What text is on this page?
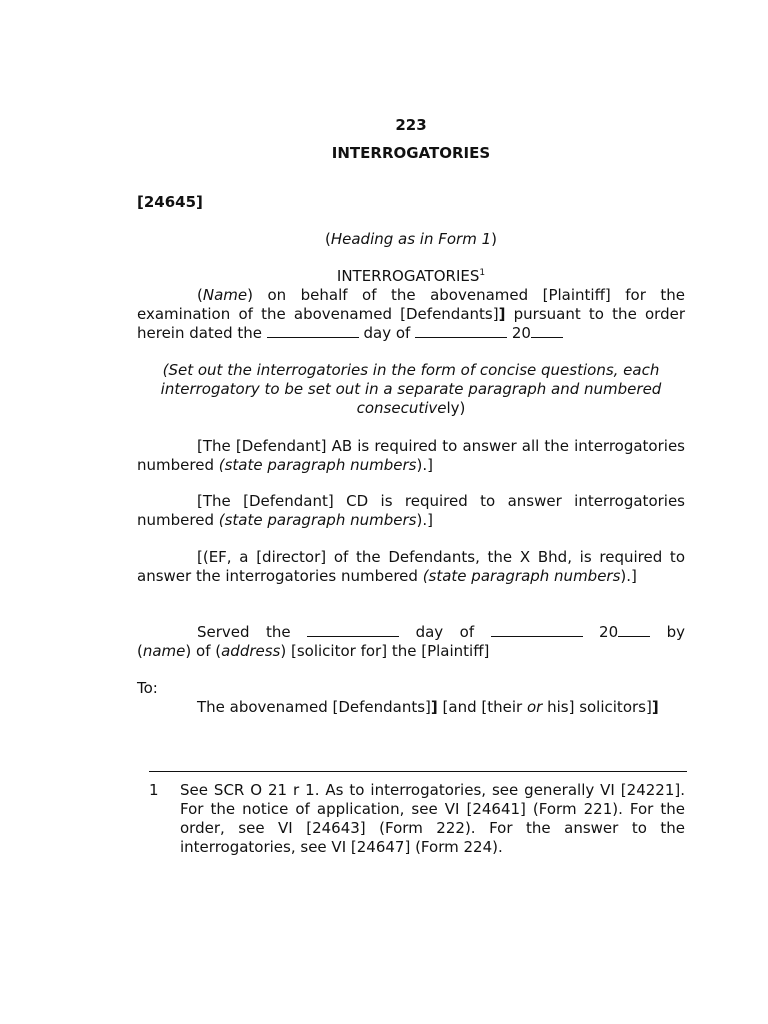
223
INTERROGATORIES
[24645]
(Heading as in Form 1)
INTERROGATORIES$^1$
(Name) on behalf of the abovenamed [Plaintiff] for the examination of the abovenamed [Defendants]] pursuant to the order herein dated the	day of	20
(Set out the interrogatories in the form of concise questions, each interrogatory to be set out in a separate paragraph and numbered consecutively)
[The [Defendant] AB is required to answer all the interrogatories numbered (state paragraph numbers).]
[The [Defendant] CD is required to answer interrogatories numbered (state paragraph numbers).]
[(EF, a [director] of the Defendants, the X Bhd, is required to answer the interrogatories numbered (state paragraph numbers).]
Served the	day of	20 by
(name) of (address) [solicitor for] the [Plaintiff]
To:
The abovenamed [Defendants]] [and [their or his] solicitors]]
1 See SCR O 21 r 1. As to interrogatories, see generally VI [24221]. For the notice of application, see VI [24641] (Form 221). For the order, see VI [24643] (Form 222). For the answer to the interrogatories, see VI [24647] (Form 224).
